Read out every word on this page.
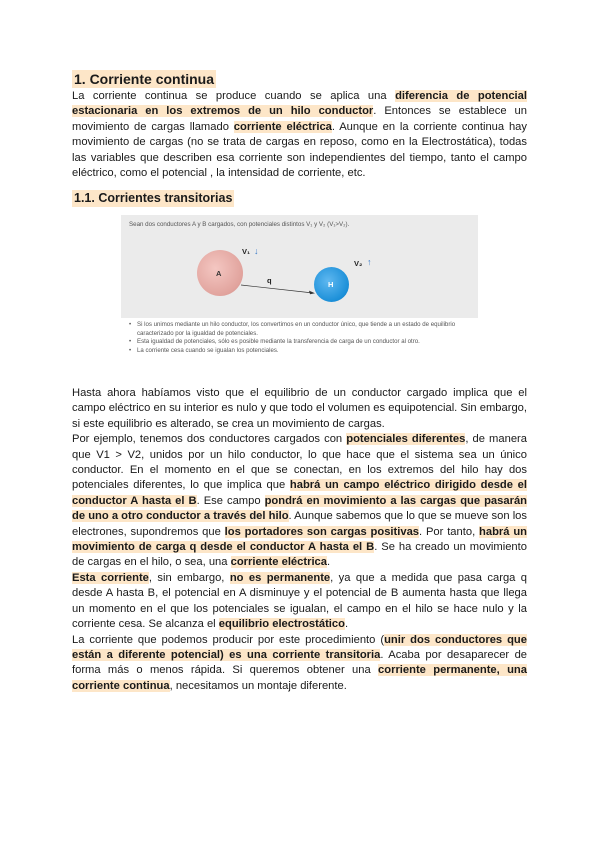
1. Corriente continua

La corriente continua se produce cuando se aplica una diferencia de potencial estacionaria en los extremos de un hilo conductor. Entonces se establece un movimiento de cargas llamado corriente eléctrica. Aunque en la corriente continua hay movimiento de cargas (no se trata de cargas en reposo, como en la Electrostática), todas las variables que describen esa corriente son independientes del tiempo, tanto el campo eléctrico, como el potencial , la intensidad de corriente, etc.

1.1. Corrientes transitorias
Sean dos conductores A y B cargados, con potenciales distintos V₁ y V₂ (V₁>V₂).
A
H
V₁ ↓
V₂ ↑
q
• Si los unimos mediante un hilo conductor, los convertimos en un conductor único, que tiende a un estado de equilibrio caracterizado por la igualdad de potenciales.
• Esta igualdad de potenciales, sólo es posible mediante la transferencia de carga de un conductor al otro.
• La corriente cesa cuando se igualan los potenciales.

Hasta ahora habíamos visto que el equilibrio de un conductor cargado implica que el campo eléctrico en su interior es nulo y que todo el volumen es equipotencial. Sin embargo, si este equilibrio es alterado, se crea un movimiento de cargas.
Por ejemplo, tenemos dos conductores cargados con potenciales diferentes, de manera que V1 > V2, unidos por un hilo conductor, lo que hace que el sistema sea un único conductor. En el momento en el que se conectan, en los extremos del hilo hay dos potenciales diferentes, lo que implica que habrá un campo eléctrico dirigido desde el conductor A hasta el B. Ese campo pondrá en movimiento a las cargas que pasarán de uno a otro conductor a través del hilo. Aunque sabemos que lo que se mueve son los electrones, supondremos que los portadores son cargas positivas. Por tanto, habrá un movimiento de carga q desde el conductor A hasta el B. Se ha creado un movimiento de cargas en el hilo, o sea, una corriente eléctrica.
Esta corriente, sin embargo, no es permanente, ya que a medida que pasa carga q desde A hasta B, el potencial en A disminuye y el potencial de B aumenta hasta que llega un momento en el que los potenciales se igualan, el campo en el hilo se hace nulo y la corriente cesa. Se alcanza el equilibrio electrostático.
La corriente que podemos producir por este procedimiento (unir dos conductores que están a diferente potencial) es una corriente transitoria. Acaba por desaparecer de forma más o menos rápida. Si queremos obtener una corriente permanente, una corriente continua, necesitamos un montaje diferente.
